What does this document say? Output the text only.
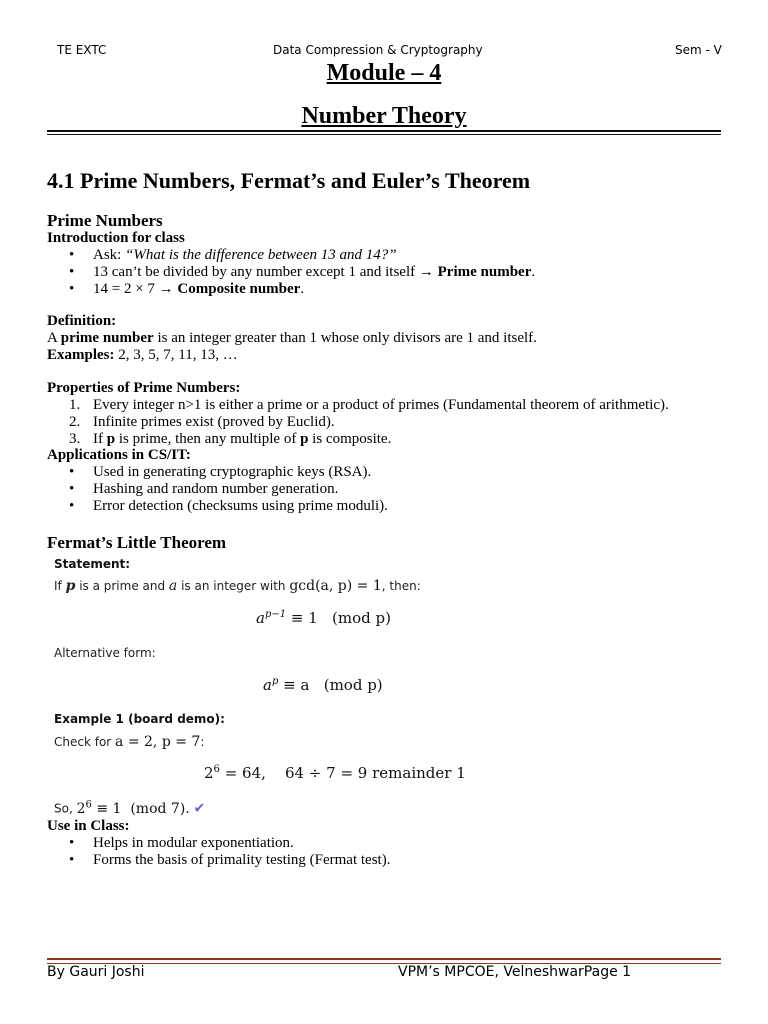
TE EXTC	Data Compression & Cryptography	Sem - V
Module – 4
Number Theory
4.1 Prime Numbers, Fermat’s and Euler’s Theorem
Prime Numbers
Introduction for class
• Ask: “What is the difference between 13 and 14?”
• 13 can’t be divided by any number except 1 and itself → Prime number.
• 14 = 2 × 7 → Composite number.
Definition:
A prime number is an integer greater than 1 whose only divisors are 1 and itself.
Examples: 2, 3, 5, 7, 11, 13, …
Properties of Prime Numbers:
1. Every integer n>1 is either a prime or a product of primes (Fundamental theorem of arithmetic).
2. Infinite primes exist (proved by Euclid).
3. If p is prime, then any multiple of p is composite.
Applications in CS/IT:
• Used in generating cryptographic keys (RSA).
• Hashing and random number generation.
• Error detection (checksums using prime moduli).
Fermat’s Little Theorem
Statement:
If p is a prime and a is an integer with gcd(a, p) = 1, then:
$a^{p-1} \equiv 1$   (mod p)
Alternative form:
$a^p \equiv a$   (mod p)
Example 1 (board demo):
Check for a = 2, p = 7:
$2^6 = 64$,    64 ÷ 7 = 9 remainder 1
So, $2^6 \equiv 1$  (mod 7). ✔
Use in Class:
• Helps in modular exponentiation.
• Forms the basis of primality testing (Fermat test).
By Gauri Joshi	VPM’s MPCOE, VelneshwarPage 1
